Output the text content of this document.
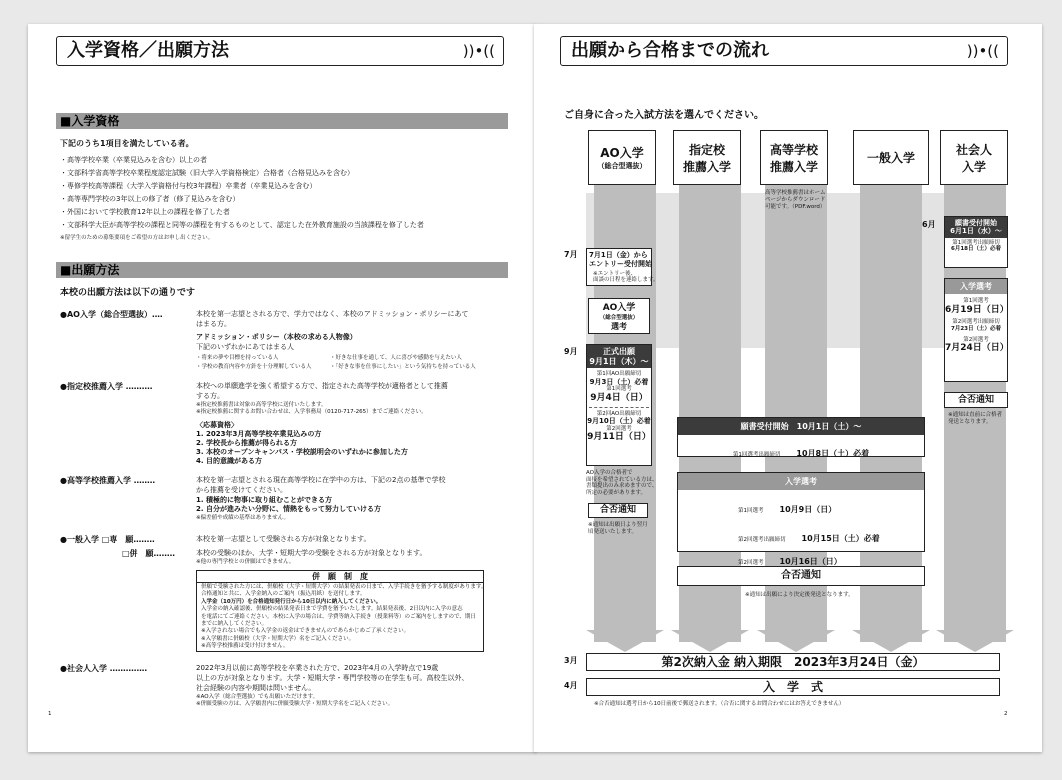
入学資格／出願方法	))•((
■入学資格
下記のうち1項目を満たしている者。
・高等学校卒業（卒業見込みを含む）以上の者
・文部科学省高等学校卒業程度認定試験（旧大学入学資格検定）合格者（合格見込みを含む）
・専修学校高等課程（大学入学資格付与校3年課程）卒業者（卒業見込みを含む）
・高等専門学校の3年以上の修了者（修了見込みを含む）
・外国において学校教育12年以上の課程を修了した者
・文部科学大臣が高等学校の課程と同等の課程を有するものとして、認定した在外教育施設の当該課程を修了した者
※留学生のための募集要項をご希望の方はお申し出ください。
■出願方法
本校の出願方法は以下の通りです
●AO入学（総合型選抜）‥‥	本校を第一志望とされる方で、学力ではなく、本校のアドミッション・ポリシーにあて
はまる方。
アドミッション・ポリシー（本校の求める人物像）
下記のいずれかにあてはまる人
・将来の夢や目標を持っている人	・好きな仕事を通して、人に喜びや感動を与えたい人
・学校の教育内容や方針を十分理解している人	・「好きな事を仕事にしたい」という気持ちを持っている人
●指定校推薦入学 ‥‥‥‥‥	本校への単願進学を強く希望する方で、指定された高等学校が適格者として推薦
する方。
※指定校推薦書は対象の高等学校に送付いたします。
※指定校推薦に関するお問い合わせは、入学事務局（0120-717-265）までご連絡ください。
〈応募資格〉
1. 2023年3月高等学校卒業見込みの方
2. 学校長から推薦が得られる方
3. 本校のオープンキャンパス・学校説明会のいずれかに参加した方
4. 目的意識がある方
●高等学校推薦入学 ‥‥‥‥	本校を第一志望とされる現在高等学校に在学中の方は、下記の2点の基準で学校
から推薦を受けてください。
1. 積極的に物事に取り組むことができる方
2. 自分が進みたい分野に、情熱をもって努力していける方
※偏差値や成績の基準はありません。
●一般入学 □専　願‥‥‥‥	本校を第一志望として受験される方が対象となります。
□併　願‥‥‥‥	本校の受験のほか、大学・短期大学の受験をされる方が対象となります。
※他の専門学校との併願はできません。
併　願　制　度
併願で受験された方には、併願校（大学・短期大学）の結果発表の日まで、入学手続きを猶予する制度があります。
合格通知と共に、入学金納入のご案内（振込用紙）を送付します。
入学金（10万円）を合格通知発行日から10日以内に納入してください。
入学金の納入確認後、併願校の結果発表日まで学費を猶予いたします。結果発表後、2日以内に入学の意志
を電話にてご連絡ください。本校に入学の場合は、学費等納入手続き（授業料等）のご案内をしますので、期日
までに納入してください。
※入学されない場合でも入学金の返金はできませんのであらかじめご了承ください。
※入学願書に併願校（大学・短期大学）名をご記入ください。
※高等学校推薦は受け付けません。
●社会人入学 ‥‥‥‥‥‥‥	2022年3月以前に高等学校を卒業された方で、2023年4月の入学時点で19歳
以上の方が対象となります。大学・短期大学・専門学校等の在学生も可。高校生以外、
社会経験の内容や期間は問いません。
※AO入学（総合型選抜）でも出願いただけます。
※併願受験の方は、入学願書内に併願受験大学・短期大学名をご記入ください。
1
出願から合格までの流れ	))•((
ご自身に合った入試方法を選んでください。
AO入学
（総合型選抜）
指定校
推薦入学
高等学校
推薦入学
一般入学
社会人
入学
高等学校推薦書はホーム
ページからダウンロード
可能です。（PDF.word）
6月
7月
9月
7月1日（金）から
エントリー受付開始
※エントリー後、
面談の日程を連絡します。
AO入学
（総合型選抜）
選考
正式出願
9月1日（木）〜
第1回AO出願締切
9月3日（土）必着
第1回選考
9月4日（日）
第2回AO出願締切
9月10日（土）必着
第2回選考
9月11日（日）
AO入学の合格者で
面接を希望されている方は、
書類提出のみ求めますので、
所定の必要があります。
合否通知
※通知は出願日より翌月
頃発送いたします。
願書受付開始
6月1日（水）〜
第1回選考出願締切
6月18日（土）必着
入学選考
第1回選考
6月19日（日）
第2回選考出願締切
7月23日（土）必着
第2回選考
7月24日（日）
合否通知
※通知は直前に合格者
発送となります。
願書受付開始　10月1日（土）〜
第1回選考出願締切　 10月8日（土）必着
入学選考
第1回選考　 10月9日（日）
第2回選考出願締切　 10月15日（土）必着
第2回選考　 10月16日（日）
合否通知
※通知は出願により決定後発送となります。
3月	第2次納入金 納入期限　2023年3月24日（金）
4月	入　学　式
※合否通知は選考日から10日前後で郵送されます。（合否に関するお問合わせにはお答えできません）
2
